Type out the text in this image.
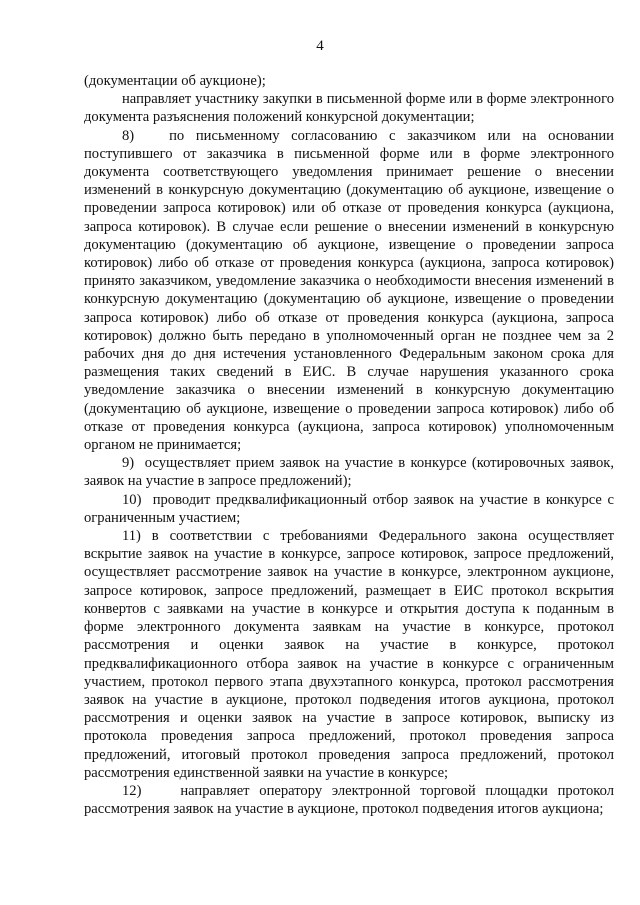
4

(документации об аукционе);

направляет участнику закупки в письменной форме или в форме электронного документа разъяснения положений конкурсной документации;

8)   по письменному согласованию с заказчиком или на основании поступившего от заказчика в письменной форме или в форме электронного документа соответствующего уведомления принимает решение о внесении изменений в конкурсную документацию (документацию об аукционе, извещение о проведении запроса котировок) или об отказе от проведения конкурса (аукциона, запроса котировок). В случае если решение о внесении изменений в конкурсную документацию (документацию об аукционе, извещение о проведении запроса котировок) либо об отказе от проведения конкурса (аукциона, запроса котировок) принято заказчиком, уведомление заказчика о необходимости внесения изменений в конкурсную документацию (документацию об аукционе, извещение о проведении запроса котировок) либо об отказе от проведения конкурса (аукциона, запроса котировок) должно быть передано в уполномоченный орган не позднее чем за 2 рабочих дня до дня истечения установленного Федеральным законом срока для размещения таких сведений в ЕИС. В случае нарушения указанного срока уведомление заказчика о внесении изменений в конкурсную документацию (документацию об аукционе, извещение о проведении запроса котировок) либо об отказе от проведения конкурса (аукциона, запроса котировок) уполномоченным органом не принимается;

9)  осуществляет прием заявок на участие в конкурсе (котировочных заявок, заявок на участие в запросе предложений);

10)  проводит предквалификационный отбор заявок на участие в конкурсе с ограниченным участием;

11) в соответствии с требованиями Федерального закона осуществляет вскрытие заявок на участие в конкурсе, запросе котировок, запросе предложений, осуществляет рассмотрение заявок на участие в конкурсе, электронном аукционе, запросе котировок, запросе предложений, размещает в ЕИС протокол вскрытия конвертов с заявками на участие в конкурсе и открытия доступа к поданным в форме электронного документа заявкам на участие в конкурсе, протокол рассмотрения и оценки заявок на участие в конкурсе, протокол предквалификационного отбора заявок на участие в конкурсе с ограниченным участием, протокол первого этапа двухэтапного конкурса, протокол рассмотрения заявок на участие в аукционе, протокол подведения итогов аукциона, протокол рассмотрения и оценки заявок на участие в запросе котировок, выписку из протокола проведения запроса предложений, протокол проведения запроса предложений, итоговый протокол проведения запроса предложений, протокол рассмотрения единственной заявки на участие в конкурсе;

12)    направляет оператору электронной торговой площадки протокол рассмотрения заявок на участие в аукционе, протокол подведения итогов аукциона;
